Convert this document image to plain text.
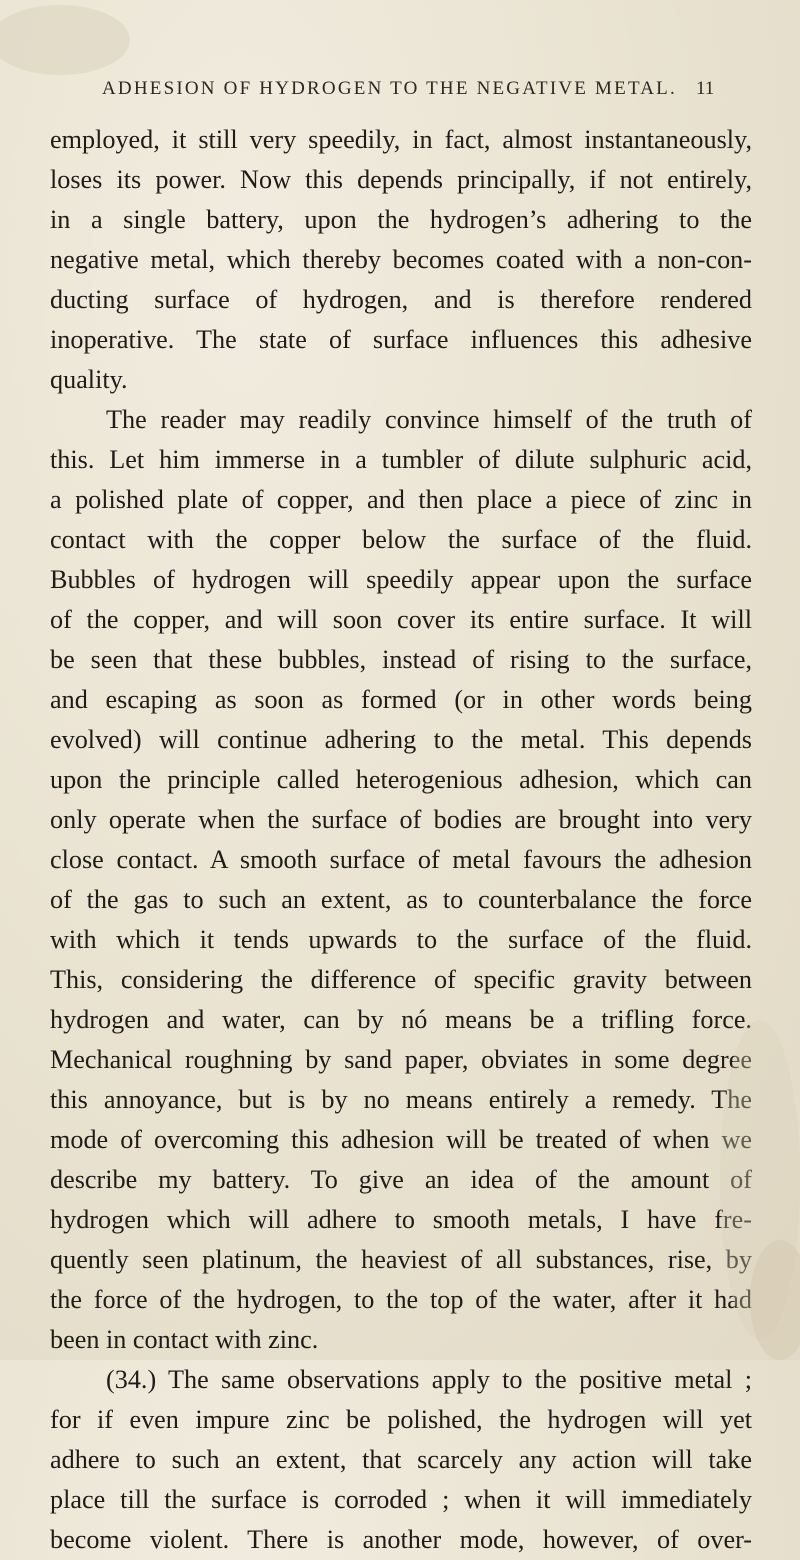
ADHESION OF HYDROGEN TO THE NEGATIVE METAL. 11
employed, it still very speedily, in fact, almost instantaneously,
loses its power. Now this depends principally, if not entirely,
in a single battery, upon the hydrogen’s adhering to the
negative metal, which thereby becomes coated with a non-con-
ducting surface of hydrogen, and is therefore rendered
inoperative. The state of surface influences this adhesive
quality.
The reader may readily convince himself of the truth of
this. Let him immerse in a tumbler of dilute sulphuric acid,
a polished plate of copper, and then place a piece of zinc in
contact with the copper below the surface of the fluid.
Bubbles of hydrogen will speedily appear upon the surface
of the copper, and will soon cover its entire surface. It will
be seen that these bubbles, instead of rising to the surface,
and escaping as soon as formed (or in other words being
evolved) will continue adhering to the metal. This depends
upon the principle called heterogenious adhesion, which can
only operate when the surface of bodies are brought into very
close contact. A smooth surface of metal favours the adhesion
of the gas to such an extent, as to counterbalance the force
with which it tends upwards to the surface of the fluid.
This, considering the difference of specific gravity between
hydrogen and water, can by nó means be a trifling force.
Mechanical roughning by sand paper, obviates in some degree
this annoyance, but is by no means entirely a remedy. The
mode of overcoming this adhesion will be treated of when we
describe my battery. To give an idea of the amount of
hydrogen which will adhere to smooth metals, I have fre-
quently seen platinum, the heaviest of all substances, rise, by
the force of the hydrogen, to the top of the water, after it had
been in contact with zinc.
(34.) The same observations apply to the positive metal ;
for if even impure zinc be polished, the hydrogen will yet
adhere to such an extent, that scarcely any action will take
place till the surface is corroded ; when it will immediately
become violent. There is another mode, however, of over-
